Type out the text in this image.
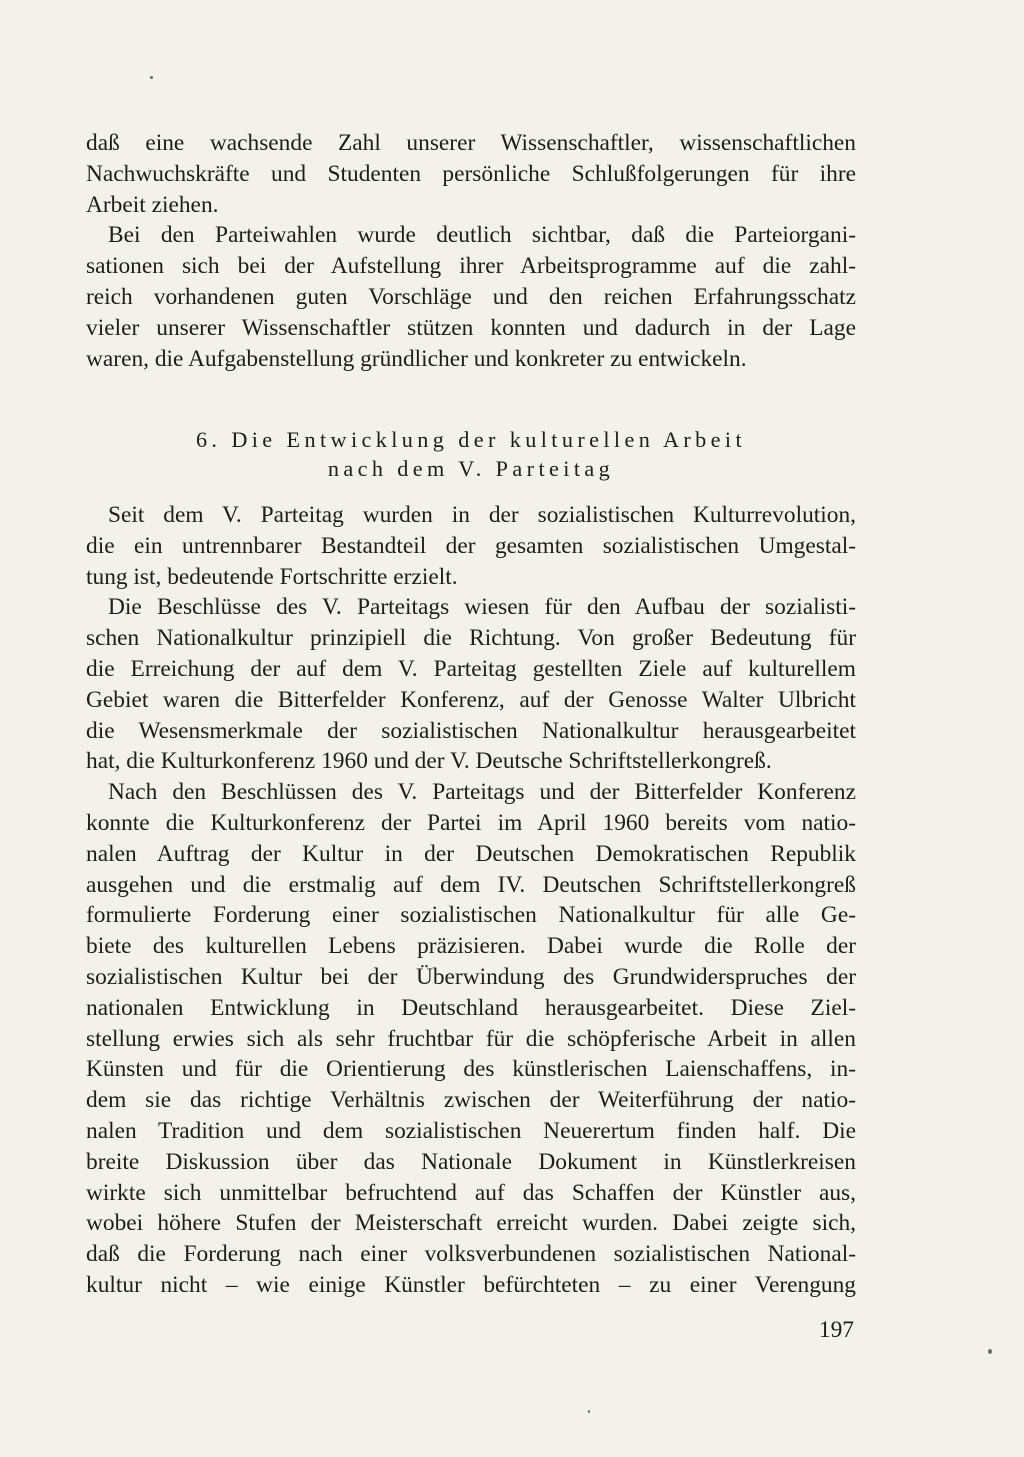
daß eine wachsende Zahl unserer Wissenschaftler, wissenschaftlichen
Nachwuchskräfte und Studenten persönliche Schlußfolgerungen für ihre
Arbeit ziehen.
Bei den Parteiwahlen wurde deutlich sichtbar, daß die Parteiorgani-
sationen sich bei der Aufstellung ihrer Arbeitsprogramme auf die zahl-
reich vorhandenen guten Vorschläge und den reichen Erfahrungsschatz
vieler unserer Wissenschaftler stützen konnten und dadurch in der Lage
waren, die Aufgabenstellung gründlicher und konkreter zu entwickeln.
6. Die Entwicklung der kulturellen Arbeit
nach dem V. Parteitag
Seit dem V. Parteitag wurden in der sozialistischen Kulturrevolution,
die ein untrennbarer Bestandteil der gesamten sozialistischen Umgestal-
tung ist, bedeutende Fortschritte erzielt.
Die Beschlüsse des V. Parteitags wiesen für den Aufbau der sozialisti-
schen Nationalkultur prinzipiell die Richtung. Von großer Bedeutung für
die Erreichung der auf dem V. Parteitag gestellten Ziele auf kulturellem
Gebiet waren die Bitterfelder Konferenz, auf der Genosse Walter Ulbricht
die Wesensmerkmale der sozialistischen Nationalkultur herausgearbeitet
hat, die Kulturkonferenz 1960 und der V. Deutsche Schriftstellerkongreß.
Nach den Beschlüssen des V. Parteitags und der Bitterfelder Konferenz
konnte die Kulturkonferenz der Partei im April 1960 bereits vom natio-
nalen Auftrag der Kultur in der Deutschen Demokratischen Republik
ausgehen und die erstmalig auf dem IV. Deutschen Schriftstellerkongreß
formulierte Forderung einer sozialistischen Nationalkultur für alle Ge-
biete des kulturellen Lebens präzisieren. Dabei wurde die Rolle der
sozialistischen Kultur bei der Überwindung des Grundwiderspruches der
nationalen Entwicklung in Deutschland herausgearbeitet. Diese Ziel-
stellung erwies sich als sehr fruchtbar für die schöpferische Arbeit in allen
Künsten und für die Orientierung des künstlerischen Laienschaffens, in-
dem sie das richtige Verhältnis zwischen der Weiterführung der natio-
nalen Tradition und dem sozialistischen Neuerertum finden half. Die
breite Diskussion über das Nationale Dokument in Künstlerkreisen
wirkte sich unmittelbar befruchtend auf das Schaffen der Künstler aus,
wobei höhere Stufen der Meisterschaft erreicht wurden. Dabei zeigte sich,
daß die Forderung nach einer volksverbundenen sozialistischen National-
kultur nicht – wie einige Künstler befürchteten – zu einer Verengung
197
